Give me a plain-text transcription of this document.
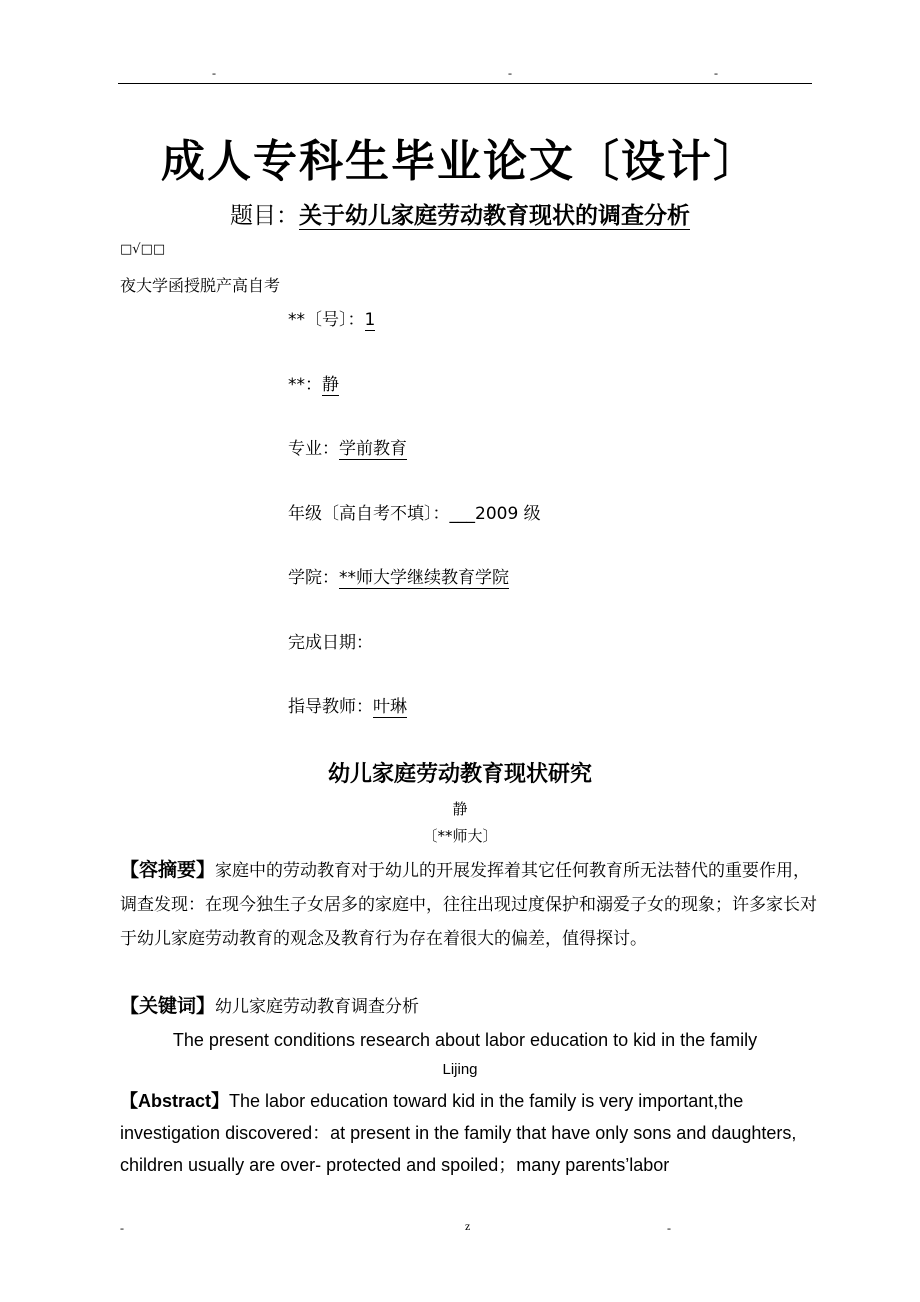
-	-	-
成人专科生毕业论文〔设计〕
题目：关于幼儿家庭劳动教育现状的调查分析
□√□□
夜大学函授脱产高自考
**〔号〕：1
**：静
专业：学前教育
年级〔高自考不填〕：___2009 级
学院：**师大学继续教育学院
完成日期：
指导教师：叶琳
幼儿家庭劳动教育现状研究
静
〔**师大〕
【容摘要】家庭中的劳动教育对于幼儿的开展发挥着其它任何教育所无法替代的重要作用，调查发现：在现今独生子女居多的家庭中，往往出现过度保护和溺爱子女的现象；许多家长对于幼儿家庭劳动教育的观念及教育行为存在着很大的偏差，值得探讨。
【关键词】幼儿家庭劳动教育调查分析
The present conditions research about labor education to kid in the family
Lijing
【Abstract】The labor education toward kid in the family is very important,the investigation discovered：at present in the family that have only sons and daughters, children usually are over- protected and spoiled；many parents’labor
-	z	-
